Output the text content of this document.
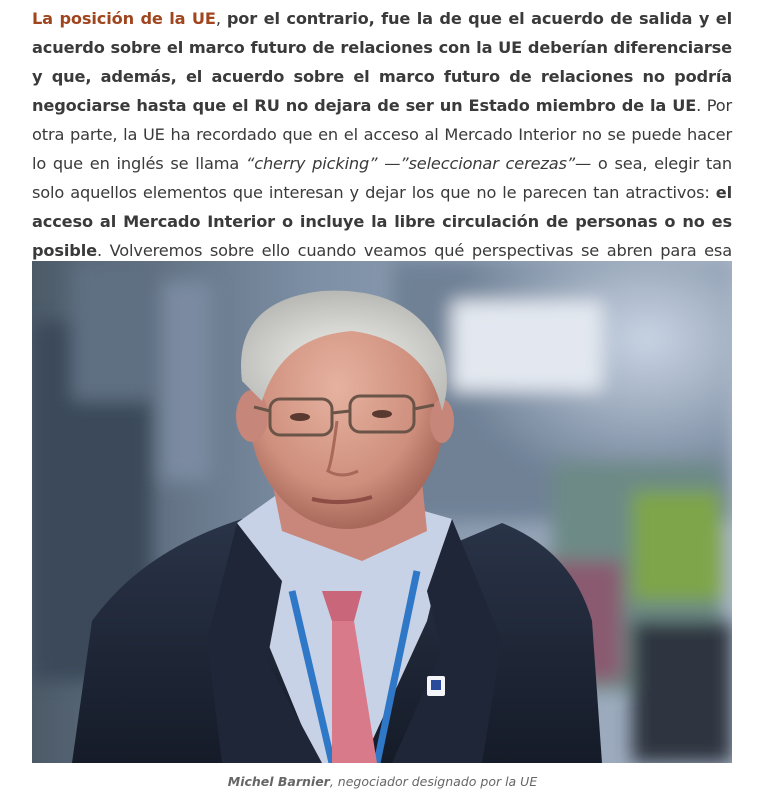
La posición de la UE, por el contrario, fue la de que el acuerdo de salida y el acuerdo sobre el marco futuro de relaciones con la UE deberían diferenciarse y que, además, el acuerdo sobre el marco futuro de relaciones no podría negociarse hasta que el RU no dejara de ser un Estado miembro de la UE. Por otra parte, la UE ha recordado que en el acceso al Mercado Interior no se puede hacer lo que en inglés se llama “cherry picking” —”seleccionar cerezas”— o sea, elegir tan solo aquellos elementos que interesan y dejar los que no le parecen tan atractivos: el acceso al Mercado Interior o incluye la libre circulación de personas o no es posible. Volveremos sobre ello cuando veamos qué perspectivas se abren para esa

Michel Barnier, negociador designado por la UE
